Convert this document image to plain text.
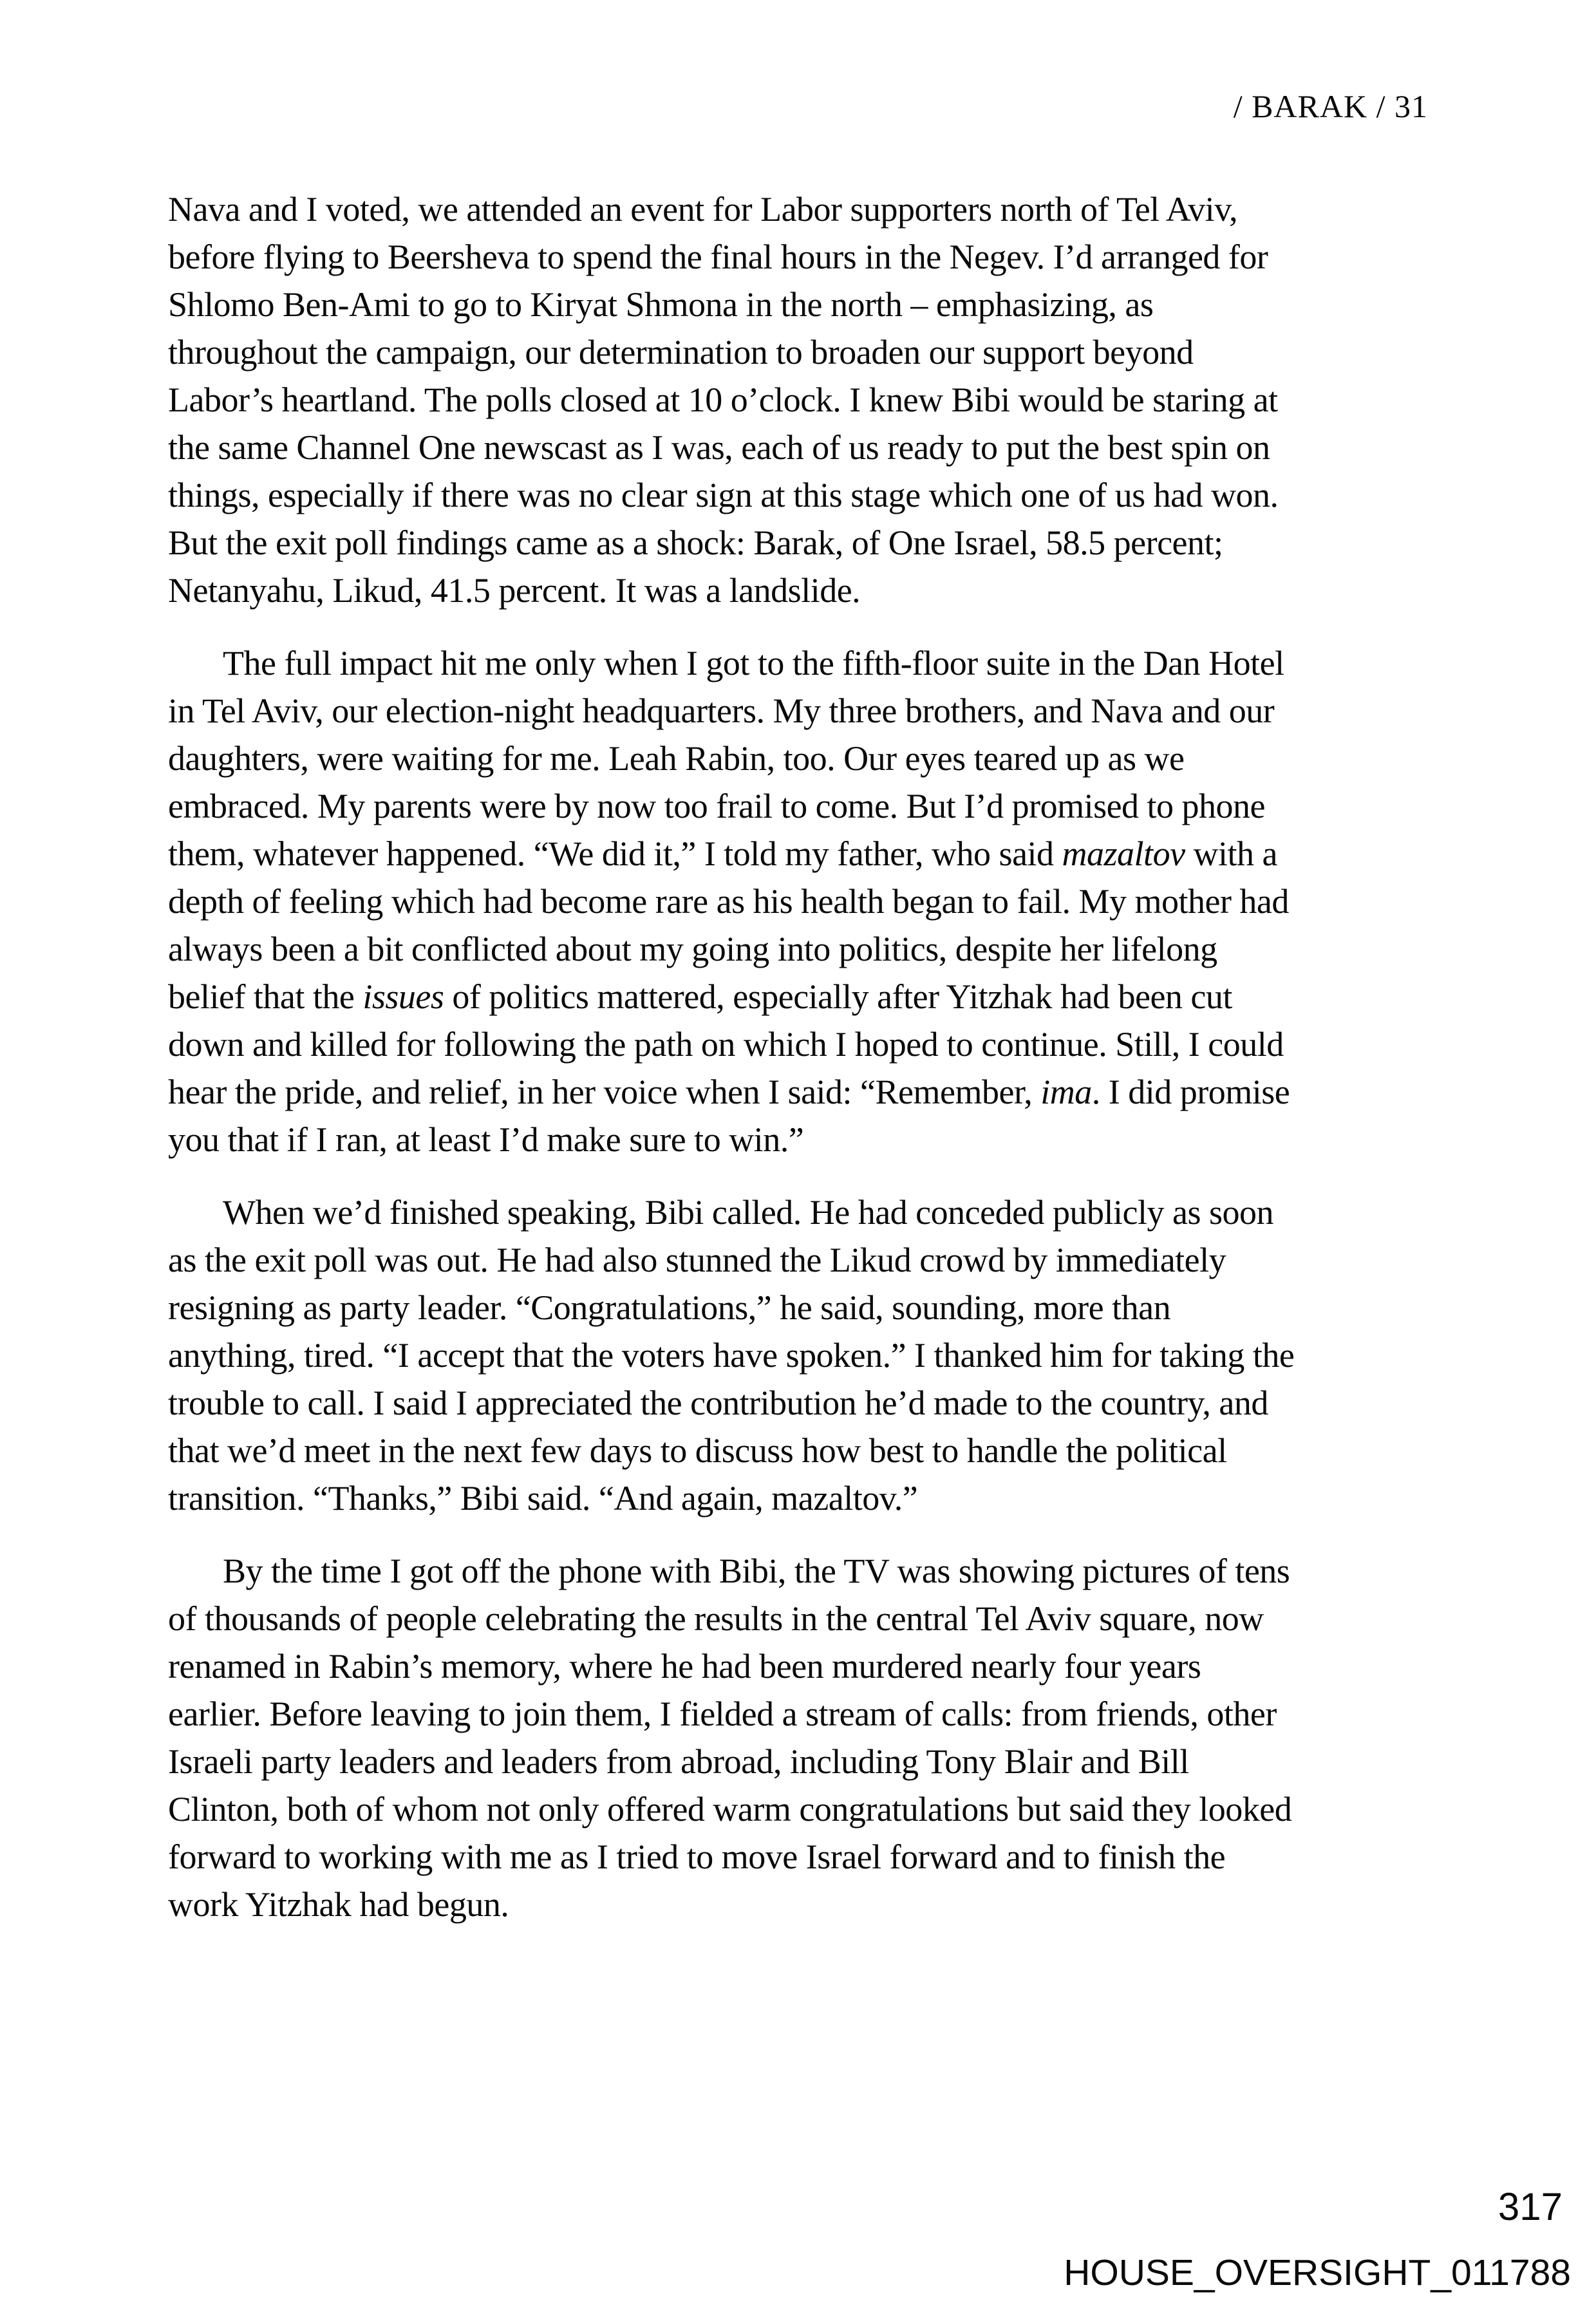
/ BARAK / 31
Nava and I voted, we attended an event for Labor supporters north of Tel Aviv,
before flying to Beersheva to spend the final hours in the Negev. I’d arranged for
Shlomo Ben-Ami to go to Kiryat Shmona in the north – emphasizing, as
throughout the campaign, our determination to broaden our support beyond
Labor’s heartland. The polls closed at 10 o’clock. I knew Bibi would be staring at
the same Channel One newscast as I was, each of us ready to put the best spin on
things, especially if there was no clear sign at this stage which one of us had won.
But the exit poll findings came as a shock: Barak, of One Israel, 58.5 percent;
Netanyahu, Likud, 41.5 percent. It was a landslide.
The full impact hit me only when I got to the fifth-floor suite in the Dan Hotel
in Tel Aviv, our election-night headquarters. My three brothers, and Nava and our
daughters, were waiting for me. Leah Rabin, too. Our eyes teared up as we
embraced. My parents were by now too frail to come. But I’d promised to phone
them, whatever happened. “We did it,” I told my father, who said mazaltov with a
depth of feeling which had become rare as his health began to fail. My mother had
always been a bit conflicted about my going into politics, despite her lifelong
belief that the issues of politics mattered, especially after Yitzhak had been cut
down and killed for following the path on which I hoped to continue. Still, I could
hear the pride, and relief, in her voice when I said: “Remember, ima. I did promise
you that if I ran, at least I’d make sure to win.”
When we’d finished speaking, Bibi called. He had conceded publicly as soon
as the exit poll was out. He had also stunned the Likud crowd by immediately
resigning as party leader. “Congratulations,” he said, sounding, more than
anything, tired. “I accept that the voters have spoken.” I thanked him for taking the
trouble to call. I said I appreciated the contribution he’d made to the country, and
that we’d meet in the next few days to discuss how best to handle the political
transition. “Thanks,” Bibi said. “And again, mazaltov.”
By the time I got off the phone with Bibi, the TV was showing pictures of tens
of thousands of people celebrating the results in the central Tel Aviv square, now
renamed in Rabin’s memory, where he had been murdered nearly four years
earlier. Before leaving to join them, I fielded a stream of calls: from friends, other
Israeli party leaders and leaders from abroad, including Tony Blair and Bill
Clinton, both of whom not only offered warm congratulations but said they looked
forward to working with me as I tried to move Israel forward and to finish the
work Yitzhak had begun.
317
HOUSE_OVERSIGHT_011788
